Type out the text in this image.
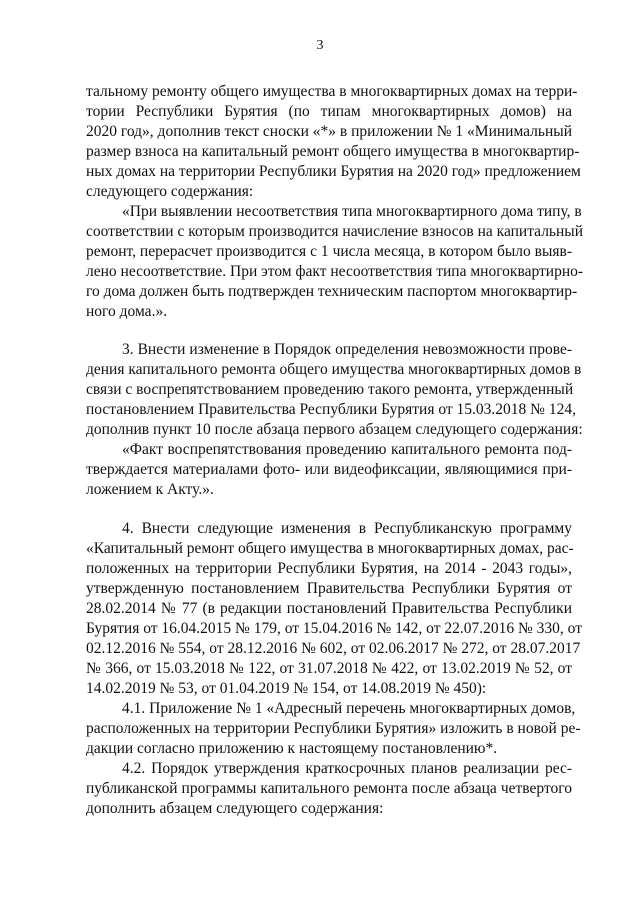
3
тальному ремонту общего имущества в многоквартирных домах на терри-
тории Республики Бурятия (по типам многоквартирных домов) на
2020 год», дополнив текст сноски «*» в приложении № 1 «Минимальный
размер взноса на капитальный ремонт общего имущества в многоквартир-
ных домах на территории Республики Бурятия на 2020 год» предложением
следующего содержания:
«При выявлении несоответствия типа многоквартирного дома типу, в
соответствии с которым производится начисление взносов на капитальный
ремонт, перерасчет производится с 1 числа месяца, в котором было выяв-
лено несоответствие. При этом факт несоответствия типа многоквартирно-
го дома должен быть подтвержден техническим паспортом многоквартир-
ного дома.».
3. Внести изменение в Порядок определения невозможности прове-
дения капитального ремонта общего имущества многоквартирных домов в
связи с воспрепятствованием проведению такого ремонта, утвержденный
постановлением Правительства Республики Бурятия от 15.03.2018 № 124,
дополнив пункт 10 после абзаца первого абзацем следующего содержания:
«Факт воспрепятствования проведению капитального ремонта под-
тверждается материалами фото- или видеофиксации, являющимися при-
ложением к Акту.».
4. Внести следующие изменения в Республиканскую программу
«Капитальный ремонт общего имущества в многоквартирных домах, рас-
положенных на территории Республики Бурятия, на 2014 - 2043 годы»,
утвержденную постановлением Правительства Республики Бурятия от
28.02.2014 № 77 (в редакции постановлений Правительства Республики
Бурятия от 16.04.2015 № 179, от 15.04.2016 № 142, от 22.07.2016 № 330, от
02.12.2016 № 554, от 28.12.2016 № 602, от 02.06.2017 № 272, от 28.07.2017
№ 366, от 15.03.2018 № 122, от 31.07.2018 № 422, от 13.02.2019 № 52, от
14.02.2019 № 53, от 01.04.2019 № 154, от 14.08.2019 № 450):
4.1. Приложение № 1 «Адресный перечень многоквартирных домов,
расположенных на территории Республики Бурятия» изложить в новой ре-
дакции согласно приложению к настоящему постановлению*.
4.2. Порядок утверждения краткосрочных планов реализации рес-
публиканской программы капитального ремонта после абзаца четвертого
дополнить абзацем следующего содержания:
